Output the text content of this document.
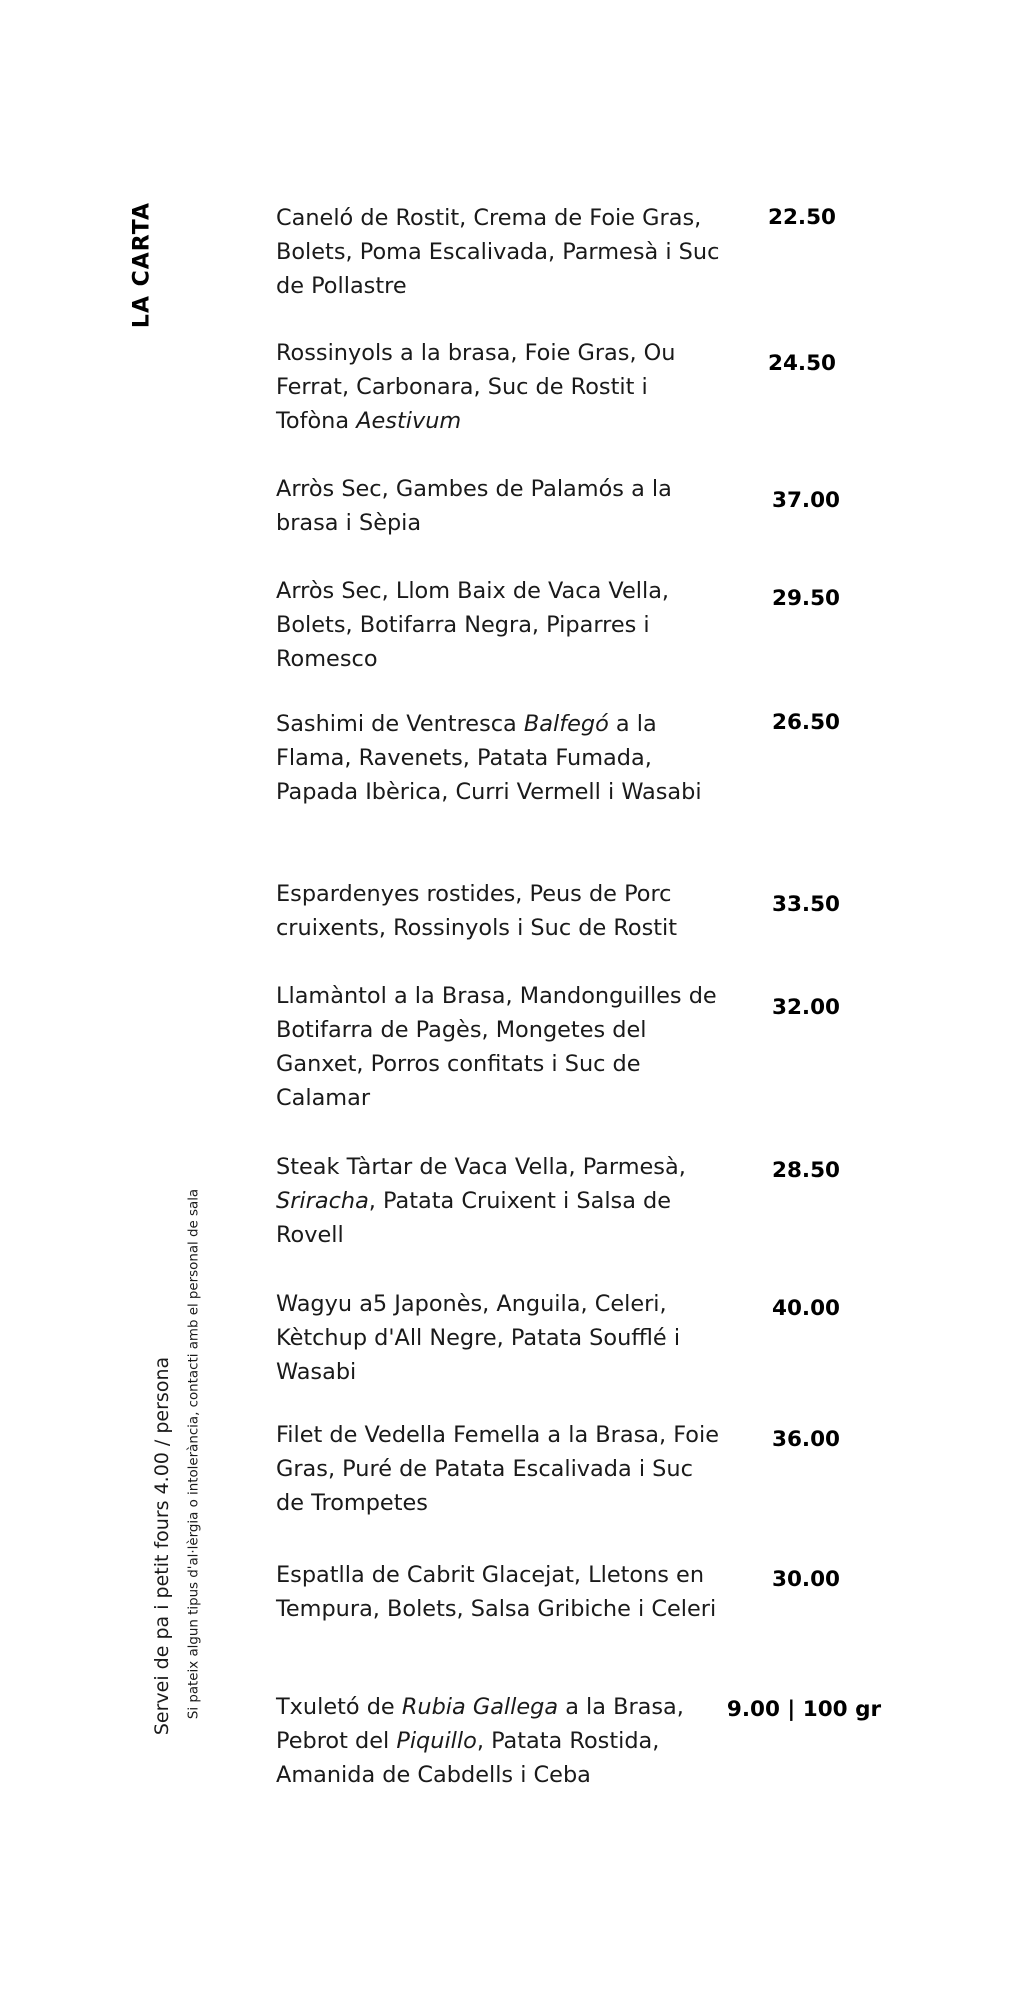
LA CARTA
Servei de pa i petit fours 4.00 / persona Si pateix algun tipus d'al·lèrgia o intolerància, contacti amb el personal de sala
Caneló de Rostit, Crema de Foie Gras, Bolets, Poma Escalivada, Parmesà i Suc de Pollastre
22.50
Rossinyols a la brasa, Foie Gras, Ou Ferrat, Carbonara, Suc de Rostit i Tofòna Aestivum
24.50
Arròs Sec, Gambes de Palamós a la brasa i Sèpia
37.00
Arròs Sec, Llom Baix de Vaca Vella, Bolets, Botifarra Negra, Piparres i Romesco
29.50
Sashimi de Ventresca Balfegó a la Flama, Ravenets, Patata Fumada, Papada Ibèrica, Curri Vermell i Wasabi
26.50
Espardenyes rostides, Peus de Porc cruixents, Rossinyols i Suc de Rostit
33.50
Llamàntol a la Brasa, Mandonguilles de Botifarra de Pagès, Mongetes del Ganxet, Porros confitats i Suc de Calamar
32.00
Steak Tàrtar de Vaca Vella, Parmesà, Sriracha, Patata Cruixent i Salsa de Rovell
28.50
Wagyu a5 Japonès, Anguila, Celeri, Kètchup d'All Negre, Patata Soufflé i Wasabi
40.00
Filet de Vedella Femella a la Brasa, Foie Gras, Puré de Patata Escalivada i Suc de Trompetes
36.00
Espatlla de Cabrit Glacejat, Lletons en Tempura, Bolets, Salsa Gribiche i Celeri
30.00
Txuletó de Rubia Gallega a la Brasa, Pebrot del Piquillo, Patata Rostida, Amanida de Cabdells i Ceba
9.00 | 100 gr
